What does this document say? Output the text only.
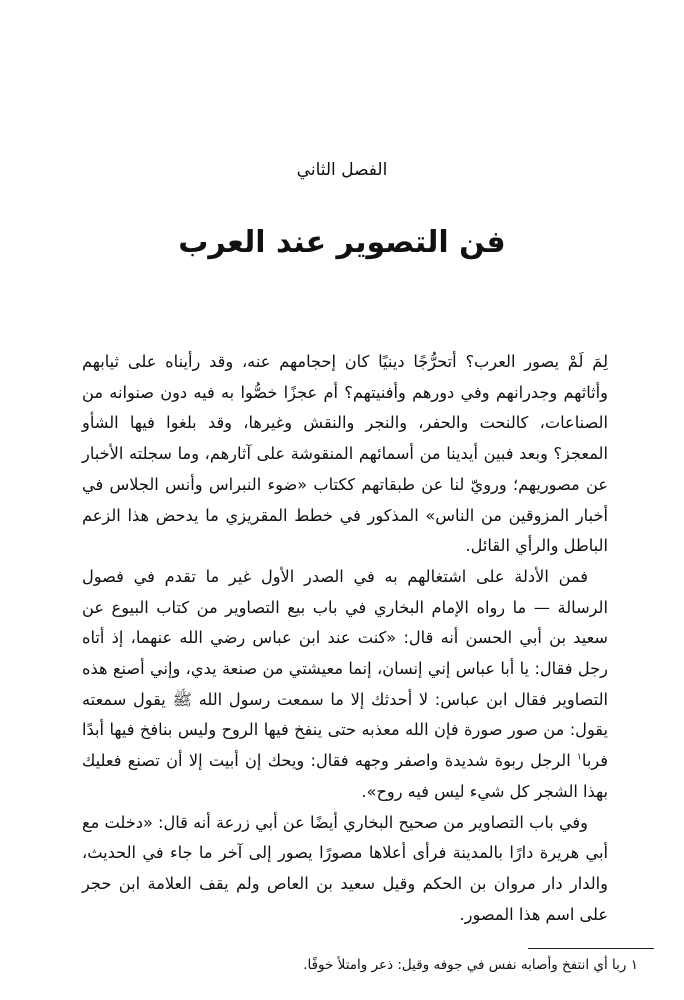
الفصل الثاني
فن التصوير عند العرب

لِمَ لَمْ يصور العرب؟ أتحرُّجًا دينيًا كان إحجامهم عنه، وقد رأيناه على ثيابهم وأثاثهم وجدرانهم وفي دورهم وأفنيتهم؟ أم عجزًا خصُّوا به فيه دون صنوانه من الصناعات، كالنحت والحفر، والنجر والنقش وغيرها، وقد بلغوا فيها الشأو المعجز؟ وبعد فبين أيدينا من أسمائهم المنقوشة على آثارهم، وما سجلته الأخبار عن مصوريهم؛ ورويّ لنا عن طبقاتهم ككتاب «ضوء النبراس وأنس الجلاس في أخبار المزوقين من الناس» المذكور في خطط المقريزي ما يدحض هذا الزعم الباطل والرأي القائل.

فمن الأدلة على اشتغالهم به في الصدر الأول غير ما تقدم في فصول الرسالة — ما رواه الإمام البخاري في باب بيع التصاوير من كتاب البيوع عن سعيد بن أبي الحسن أنه قال: «كنت عند ابن عباس رضي الله عنهما، إذ أتاه رجل فقال: يا أبا عباس إني إنسان، إنما معيشتي من صنعة يدي، وإني أصنع هذه التصاوير فقال ابن عباس: لا أحدثك إلا ما سمعت رسول الله ﷺ يقول سمعته يقول: من صور صورة فإن الله معذبه حتى ينفخ فيها الروح وليس بنافخ فيها أبدًا فربا$^١$ الرجل ربوة شديدة واصفر وجهه فقال: ويحك إن أبيت إلا أن تصنع فعليك بهذا الشجر كل شيء ليس فيه روح».

وفي باب التصاوير من صحيح البخاري أيضًا عن أبي زرعة أنه قال: «دخلت مع أبي هريرة دارًا بالمدينة فرأى أعلاها مصورًا يصور إلى آخر ما جاء في الحديث، والدار دار مروان بن الحكم وقيل سعيد بن العاص ولم يقف العلامة ابن حجر على اسم هذا المصور.

١ ربا أي انتفخ وأصابه نفس في جوفه وقيل: ذعر وامتلأ خوفًا.
